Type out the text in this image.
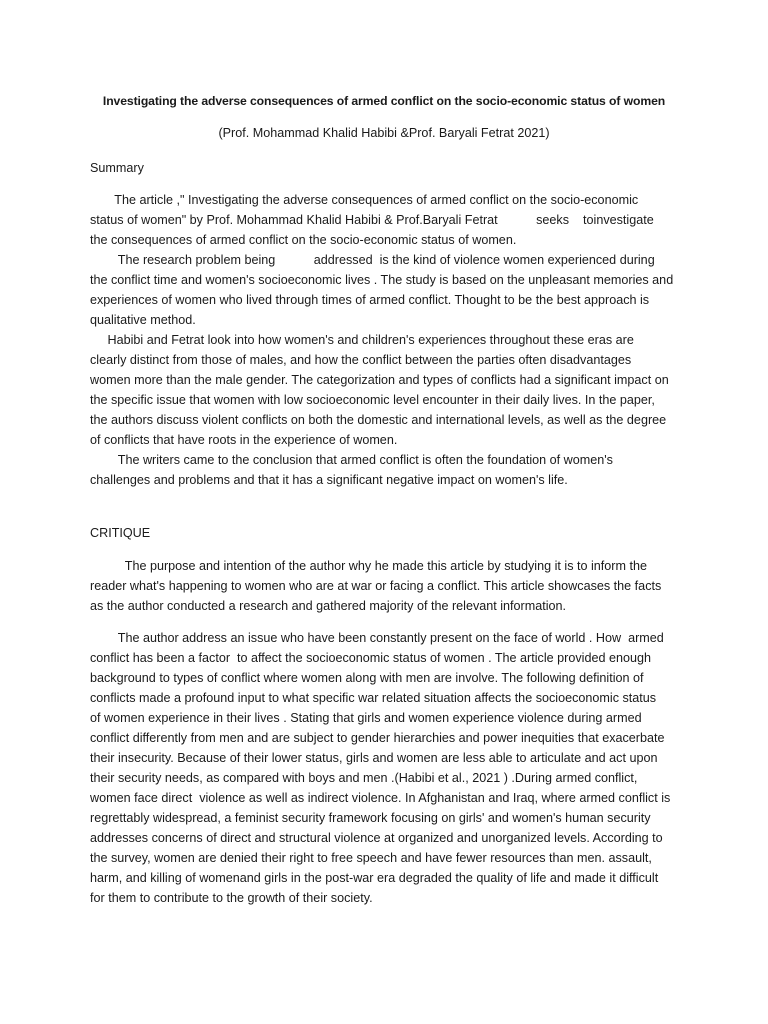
Investigating the adverse consequences of armed conflict on the socio-economic status of women
(Prof. Mohammad Khalid Habibi &Prof. Baryali Fetrat 2021)
Summary
The article ," Investigating the adverse consequences of armed conflict on the socio-economic
status of women" by Prof. Mohammad Khalid Habibi & Prof.Baryali Fetrat           seeks    toinvestigate
the consequences of armed conflict on the socio-economic status of women.
The research problem being           addressed  is the kind of violence women experienced during
the conflict time and women's socioeconomic lives . The study is based on the unpleasant memories and
experiences of women who lived through times of armed conflict. Thought to be the best approach is
qualitative method.
Habibi and Fetrat look into how women's and children's experiences throughout these eras are
clearly distinct from those of males, and how the conflict between the parties often disadvantages
women more than the male gender. The categorization and types of conflicts had a significant impact on
the specific issue that women with low socioeconomic level encounter in their daily lives. In the paper,
the authors discuss violent conflicts on both the domestic and international levels, as well as the degree
of conflicts that have roots in the experience of women.
The writers came to the conclusion that armed conflict is often the foundation of women's
challenges and problems and that it has a significant negative impact on women's life.
CRITIQUE
The purpose and intention of the author why he made this article by studying it is to inform the
reader what's happening to women who are at war or facing a conflict. This article showcases the facts
as the author conducted a research and gathered majority of the relevant information.
The author address an issue who have been constantly present on the face of world . How  armed
conflict has been a factor  to affect the socioeconomic status of women . The article provided enough
background to types of conflict where women along with men are involve. The following definition of
conflicts made a profound input to what specific war related situation affects the socioeconomic status
of women experience in their lives . Stating that girls and women experience violence during armed
conflict differently from men and are subject to gender hierarchies and power inequities that exacerbate
their insecurity. Because of their lower status, girls and women are less able to articulate and act upon
their security needs, as compared with boys and men .(Habibi et al., 2021 ) .During armed conflict,
women face direct  violence as well as indirect violence. In Afghanistan and Iraq, where armed conflict is
regrettably widespread, a feminist security framework focusing on girls' and women's human security
addresses concerns of direct and structural violence at organized and unorganized levels. According to
the survey, women are denied their right to free speech and have fewer resources than men. assault,
harm, and killing of womenand girls in the post-war era degraded the quality of life and made it difficult
for them to contribute to the growth of their society.
